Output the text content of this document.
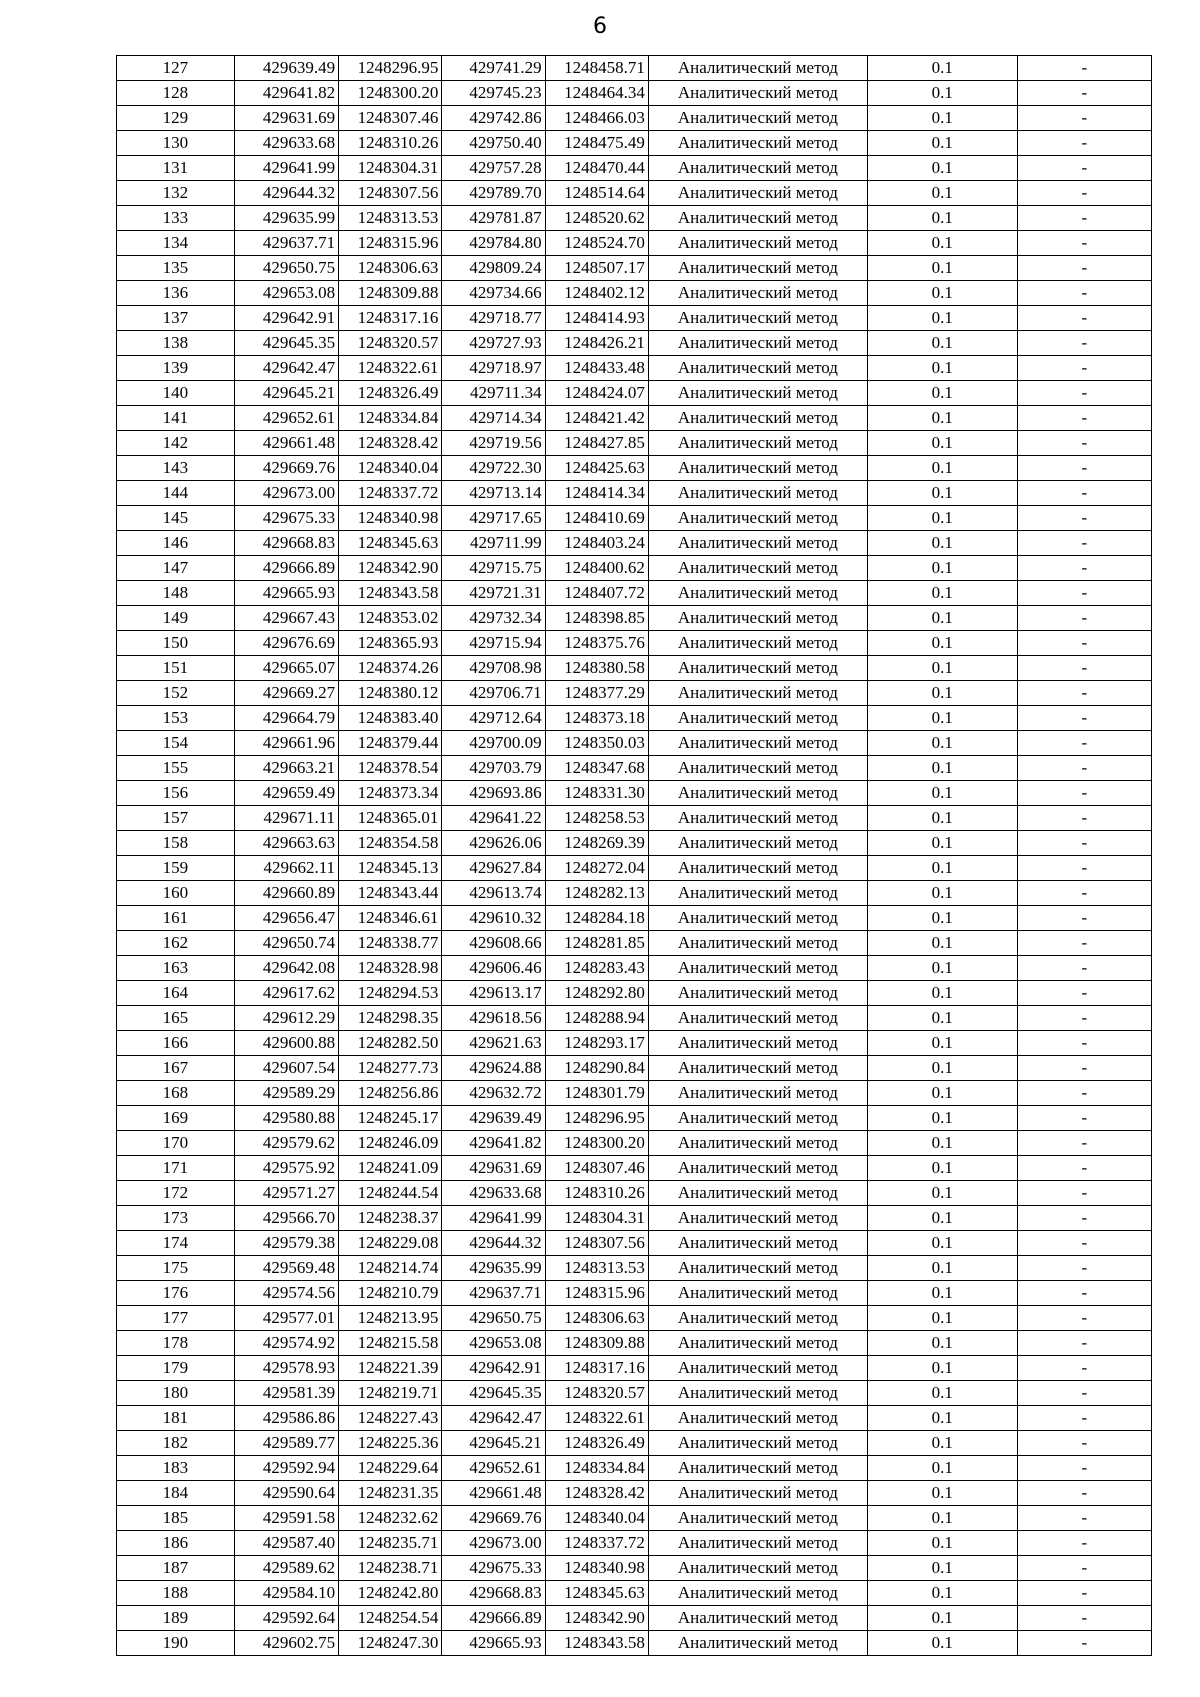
6
127	429639.49	1248296.95	429741.29	1248458.71	Аналитический метод	0.1	-
128	429641.82	1248300.20	429745.23	1248464.34	Аналитический метод	0.1	-
129	429631.69	1248307.46	429742.86	1248466.03	Аналитический метод	0.1	-
130	429633.68	1248310.26	429750.40	1248475.49	Аналитический метод	0.1	-
131	429641.99	1248304.31	429757.28	1248470.44	Аналитический метод	0.1	-
132	429644.32	1248307.56	429789.70	1248514.64	Аналитический метод	0.1	-
133	429635.99	1248313.53	429781.87	1248520.62	Аналитический метод	0.1	-
134	429637.71	1248315.96	429784.80	1248524.70	Аналитический метод	0.1	-
135	429650.75	1248306.63	429809.24	1248507.17	Аналитический метод	0.1	-
136	429653.08	1248309.88	429734.66	1248402.12	Аналитический метод	0.1	-
137	429642.91	1248317.16	429718.77	1248414.93	Аналитический метод	0.1	-
138	429645.35	1248320.57	429727.93	1248426.21	Аналитический метод	0.1	-
139	429642.47	1248322.61	429718.97	1248433.48	Аналитический метод	0.1	-
140	429645.21	1248326.49	429711.34	1248424.07	Аналитический метод	0.1	-
141	429652.61	1248334.84	429714.34	1248421.42	Аналитический метод	0.1	-
142	429661.48	1248328.42	429719.56	1248427.85	Аналитический метод	0.1	-
143	429669.76	1248340.04	429722.30	1248425.63	Аналитический метод	0.1	-
144	429673.00	1248337.72	429713.14	1248414.34	Аналитический метод	0.1	-
145	429675.33	1248340.98	429717.65	1248410.69	Аналитический метод	0.1	-
146	429668.83	1248345.63	429711.99	1248403.24	Аналитический метод	0.1	-
147	429666.89	1248342.90	429715.75	1248400.62	Аналитический метод	0.1	-
148	429665.93	1248343.58	429721.31	1248407.72	Аналитический метод	0.1	-
149	429667.43	1248353.02	429732.34	1248398.85	Аналитический метод	0.1	-
150	429676.69	1248365.93	429715.94	1248375.76	Аналитический метод	0.1	-
151	429665.07	1248374.26	429708.98	1248380.58	Аналитический метод	0.1	-
152	429669.27	1248380.12	429706.71	1248377.29	Аналитический метод	0.1	-
153	429664.79	1248383.40	429712.64	1248373.18	Аналитический метод	0.1	-
154	429661.96	1248379.44	429700.09	1248350.03	Аналитический метод	0.1	-
155	429663.21	1248378.54	429703.79	1248347.68	Аналитический метод	0.1	-
156	429659.49	1248373.34	429693.86	1248331.30	Аналитический метод	0.1	-
157	429671.11	1248365.01	429641.22	1248258.53	Аналитический метод	0.1	-
158	429663.63	1248354.58	429626.06	1248269.39	Аналитический метод	0.1	-
159	429662.11	1248345.13	429627.84	1248272.04	Аналитический метод	0.1	-
160	429660.89	1248343.44	429613.74	1248282.13	Аналитический метод	0.1	-
161	429656.47	1248346.61	429610.32	1248284.18	Аналитический метод	0.1	-
162	429650.74	1248338.77	429608.66	1248281.85	Аналитический метод	0.1	-
163	429642.08	1248328.98	429606.46	1248283.43	Аналитический метод	0.1	-
164	429617.62	1248294.53	429613.17	1248292.80	Аналитический метод	0.1	-
165	429612.29	1248298.35	429618.56	1248288.94	Аналитический метод	0.1	-
166	429600.88	1248282.50	429621.63	1248293.17	Аналитический метод	0.1	-
167	429607.54	1248277.73	429624.88	1248290.84	Аналитический метод	0.1	-
168	429589.29	1248256.86	429632.72	1248301.79	Аналитический метод	0.1	-
169	429580.88	1248245.17	429639.49	1248296.95	Аналитический метод	0.1	-
170	429579.62	1248246.09	429641.82	1248300.20	Аналитический метод	0.1	-
171	429575.92	1248241.09	429631.69	1248307.46	Аналитический метод	0.1	-
172	429571.27	1248244.54	429633.68	1248310.26	Аналитический метод	0.1	-
173	429566.70	1248238.37	429641.99	1248304.31	Аналитический метод	0.1	-
174	429579.38	1248229.08	429644.32	1248307.56	Аналитический метод	0.1	-
175	429569.48	1248214.74	429635.99	1248313.53	Аналитический метод	0.1	-
176	429574.56	1248210.79	429637.71	1248315.96	Аналитический метод	0.1	-
177	429577.01	1248213.95	429650.75	1248306.63	Аналитический метод	0.1	-
178	429574.92	1248215.58	429653.08	1248309.88	Аналитический метод	0.1	-
179	429578.93	1248221.39	429642.91	1248317.16	Аналитический метод	0.1	-
180	429581.39	1248219.71	429645.35	1248320.57	Аналитический метод	0.1	-
181	429586.86	1248227.43	429642.47	1248322.61	Аналитический метод	0.1	-
182	429589.77	1248225.36	429645.21	1248326.49	Аналитический метод	0.1	-
183	429592.94	1248229.64	429652.61	1248334.84	Аналитический метод	0.1	-
184	429590.64	1248231.35	429661.48	1248328.42	Аналитический метод	0.1	-
185	429591.58	1248232.62	429669.76	1248340.04	Аналитический метод	0.1	-
186	429587.40	1248235.71	429673.00	1248337.72	Аналитический метод	0.1	-
187	429589.62	1248238.71	429675.33	1248340.98	Аналитический метод	0.1	-
188	429584.10	1248242.80	429668.83	1248345.63	Аналитический метод	0.1	-
189	429592.64	1248254.54	429666.89	1248342.90	Аналитический метод	0.1	-
190	429602.75	1248247.30	429665.93	1248343.58	Аналитический метод	0.1	-
